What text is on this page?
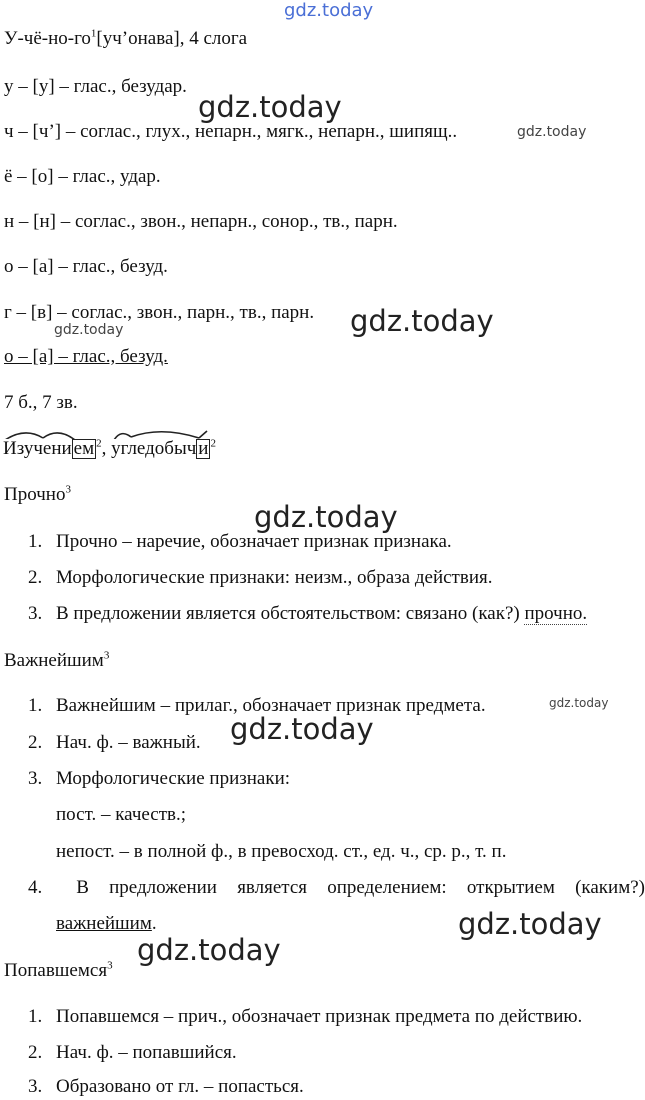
gdz.today
gdz.today
gdz.today
gdz.today
gdz.today
gdz.today
gdz.today
gdz.today
gdz.today
gdz.today
$У-чё-но-го^1[уч’онава]$, 4 слога
у – [у] – глас., безудар.
ч – [ч’] – соглас., глух., непарн., мягк., непарн., шипящ..
ё – [о] – глас., удар.
н – [н] – соглас., звон., непарн., сонор., тв., парн.
о – [а] – глас., безуд.
г – [в] – соглас., звон., парн., тв., парн.
о – [а] – глас., безуд.
7 б., 7 зв.
Изучени ем $^2$,
угледобыч и $^2$
Прочно$^3$
1. Прочно – наречие, обозначает признак признака.
2. Морфологические признаки: неизм., образа действия.
3. В предложении является обстоятельством: связано (как?) прочно.
Важнейшим$^3$
1. Важнейшим – прилаг., обозначает признак предмета.
2. Нач. ф. – важный.
3. Морфологические признаки:
пост. – качеств.;
непост. – в полной ф., в превосход. ст., ед. ч., ср. р., т. п.
4.	В предложении является определением: открытием (каким?)
важнейшим.
Попавшемся$^3$
1. Попавшемся – прич., обозначает признак предмета по действию.
2. Нач. ф. – попавшийся.
3. Образовано от гл. – попасться.
